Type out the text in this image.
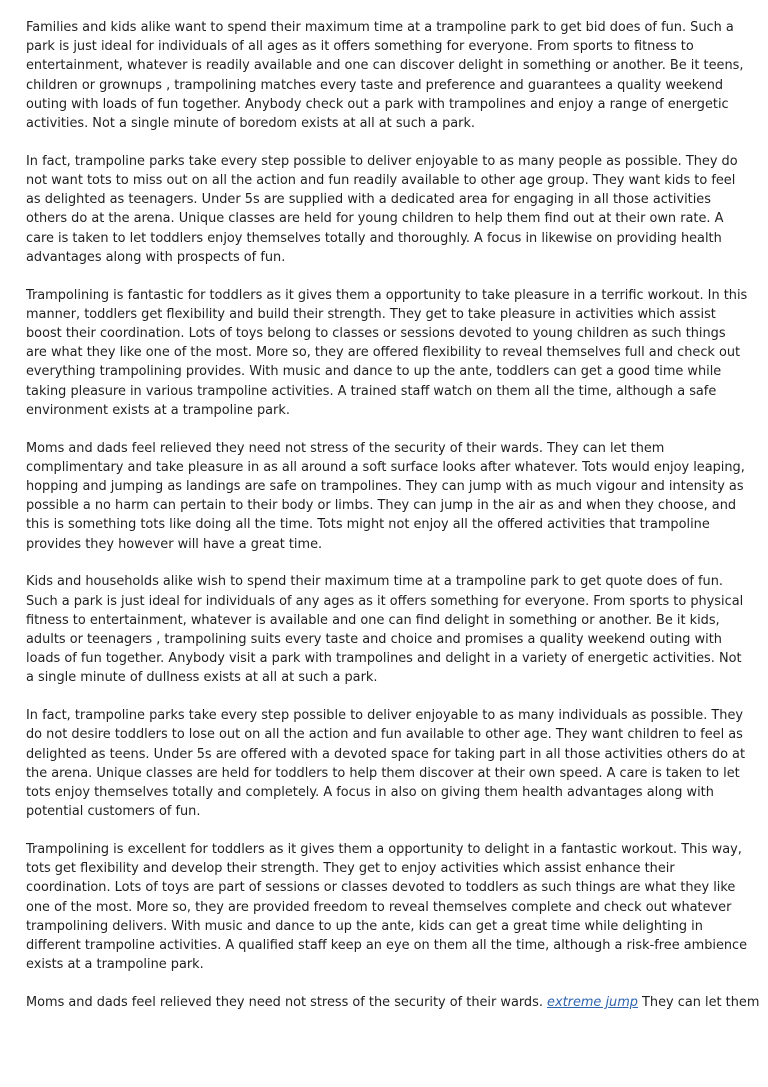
Families and kids alike want to spend their maximum time at a trampoline park to get bid does of fun. Such a park is just ideal for individuals of all ages as it offers something for everyone. From sports to fitness to entertainment, whatever is readily available and one can discover delight in something or another. Be it teens, children or grownups , trampolining matches every taste and preference and guarantees a quality weekend outing with loads of fun together. Anybody check out a park with trampolines and enjoy a range of energetic activities. Not a single minute of boredom exists at all at such a park.

In fact, trampoline parks take every step possible to deliver enjoyable to as many people as possible. They do not want tots to miss out on all the action and fun readily available to other age group. They want kids to feel as delighted as teenagers. Under 5s are supplied with a dedicated area for engaging in all those activities others do at the arena. Unique classes are held for young children to help them find out at their own rate. A care is taken to let toddlers enjoy themselves totally and thoroughly. A focus in likewise on providing health advantages along with prospects of fun.

Trampolining is fantastic for toddlers as it gives them a opportunity to take pleasure in a terrific workout. In this manner, toddlers get flexibility and build their strength. They get to take pleasure in activities which assist boost their coordination. Lots of toys belong to classes or sessions devoted to young children as such things are what they like one of the most. More so, they are offered flexibility to reveal themselves full and check out everything trampolining provides. With music and dance to up the ante, toddlers can get a good time while taking pleasure in various trampoline activities. A trained staff watch on them all the time, although a safe environment exists at a trampoline park.

Moms and dads feel relieved they need not stress of the security of their wards. They can let them complimentary and take pleasure in as all around a soft surface looks after whatever. Tots would enjoy leaping, hopping and jumping as landings are safe on trampolines. They can jump with as much vigour and intensity as possible a no harm can pertain to their body or limbs. They can jump in the air as and when they choose, and this is something tots like doing all the time. Tots might not enjoy all the offered activities that trampoline provides they however will have a great time.

Kids and households alike wish to spend their maximum time at a trampoline park to get quote does of fun. Such a park is just ideal for individuals of any ages as it offers something for everyone. From sports to physical fitness to entertainment, whatever is available and one can find delight in something or another. Be it kids, adults or teenagers , trampolining suits every taste and choice and promises a quality weekend outing with loads of fun together. Anybody visit a park with trampolines and delight in a variety of energetic activities. Not a single minute of dullness exists at all at such a park.

In fact, trampoline parks take every step possible to deliver enjoyable to as many individuals as possible. They do not desire toddlers to lose out on all the action and fun available to other age. They want children to feel as delighted as teens. Under 5s are offered with a devoted space for taking part in all those activities others do at the arena. Unique classes are held for toddlers to help them discover at their own speed. A care is taken to let tots enjoy themselves totally and completely. A focus in also on giving them health advantages along with potential customers of fun.

Trampolining is excellent for toddlers as it gives them a opportunity to delight in a fantastic workout. This way, tots get flexibility and develop their strength. They get to enjoy activities which assist enhance their coordination. Lots of toys are part of sessions or classes devoted to toddlers as such things are what they like one of the most. More so, they are provided freedom to reveal themselves complete and check out whatever trampolining delivers. With music and dance to up the ante, kids can get a great time while delighting in different trampoline activities. A qualified staff keep an eye on them all the time, although a risk-free ambience exists at a trampoline park.

Moms and dads feel relieved they need not stress of the security of their wards. extreme jump They can let them
